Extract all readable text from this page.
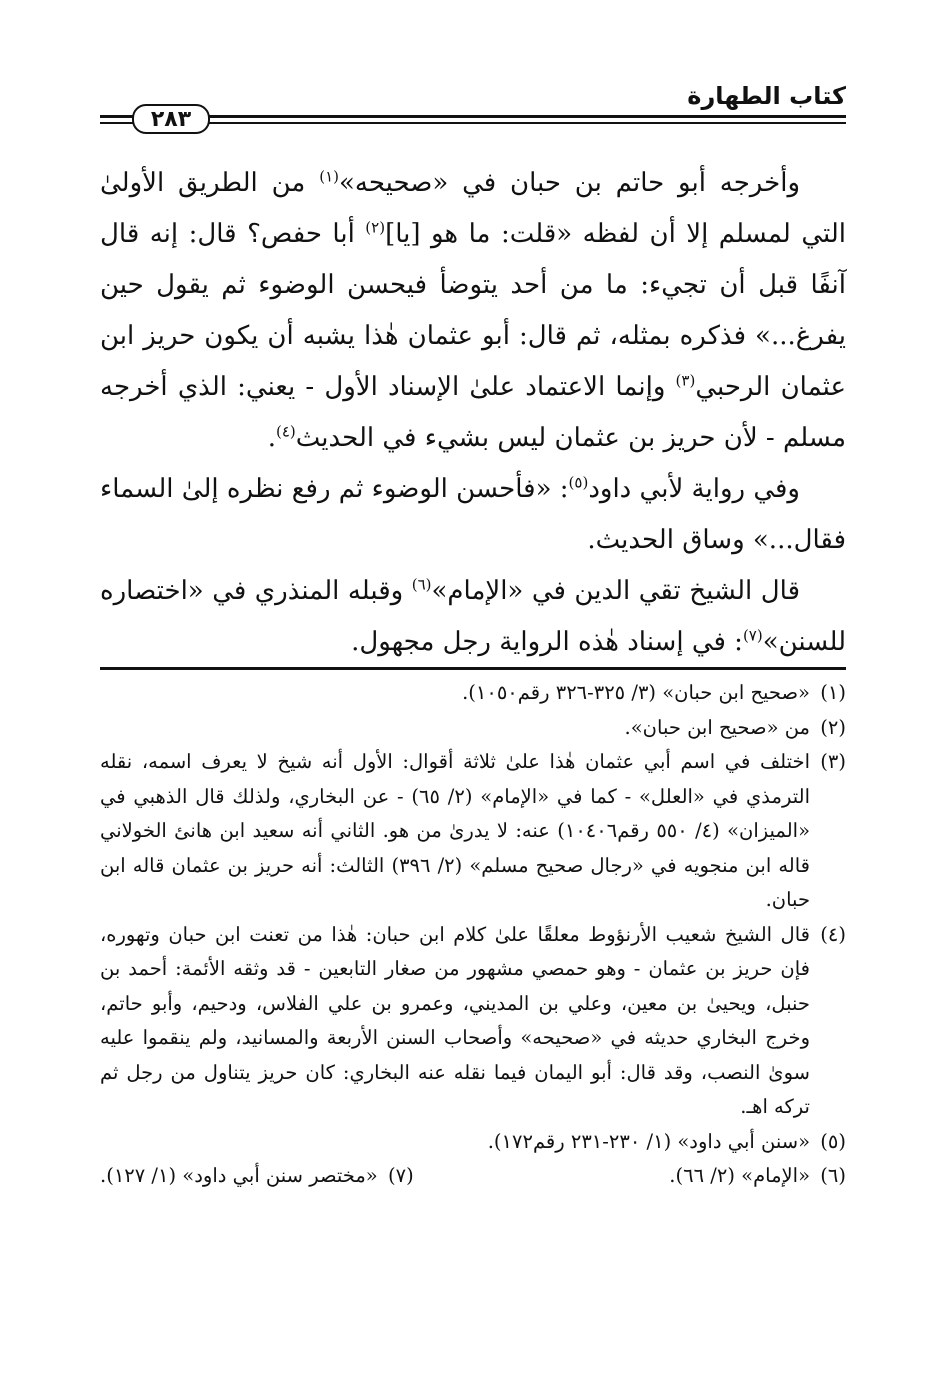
كتاب الطهارة
٢٨٣

وأخرجه أبو حاتم بن حبان في «صحيحه»$^{(١)}$ من الطريق الأولىٰ التي لمسلم إلا أن لفظه «قلت: ما هو [يا]$^{(٢)}$ أبا حفص؟ قال: إنه قال آنفًا قبل أن تجيء: ما من أحد يتوضأ فيحسن الوضوء ثم يقول حين يفرغ...» فذكره بمثله، ثم قال: أبو عثمان هٰذا يشبه أن يكون حريز ابن عثمان الرحبي$^{(٣)}$ وإنما الاعتماد علىٰ الإسناد الأول - يعني: الذي أخرجه مسلم - لأن حريز بن عثمان ليس بشيء في الحديث$^{(٤)}$.

وفي رواية لأبي داود$^{(٥)}$: «فأحسن الوضوء ثم رفع نظره إلىٰ السماء فقال...» وساق الحديث.

قال الشيخ تقي الدين في «الإمام»$^{(٦)}$ وقبله المنذري في «اختصاره للسنن»$^{(٧)}$: في إسناد هٰذه الرواية رجل مجهول.

(١)
«صحيح ابن حبان» (٣/ ٣٢٥-٣٢٦ رقم١٠٥٠).
(٢)
من «صحيح ابن حبان».
(٣)
اختلف في اسم أبي عثمان هٰذا علىٰ ثلاثة أقوال: الأول أنه شيخ لا يعرف اسمه، نقله الترمذي في «العلل» - كما في «الإمام» (٢/ ٦٥) - عن البخاري، ولذلك قال الذهبي في «الميزان» (٤/ ٥٥٠ رقم١٠٤٠٦) عنه: لا يدرىٰ من هو. الثاني أنه سعيد ابن هانئ الخولاني قاله ابن منجويه في «رجال صحيح مسلم» (٢/ ٣٩٦) الثالث: أنه حريز بن عثمان قاله ابن حبان.
(٤)
قال الشيخ شعيب الأرنؤوط معلقًا علىٰ كلام ابن حبان: هٰذا من تعنت ابن حبان وتهوره، فإن حريز بن عثمان - وهو حمصي مشهور من صغار التابعين - قد وثقه الأئمة: أحمد بن حنبل، ويحيىٰ بن معين، وعلي بن المديني، وعمرو بن علي الفلاس، ودحيم، وأبو حاتم، وخرج البخاري حديثه في «صحيحه» وأصحاب السنن الأربعة والمسانيد، ولم ينقموا عليه سوىٰ النصب، وقد قال: أبو اليمان فيما نقله عنه البخاري: كان حريز يتناول من رجل ثم تركه اهـ.
(٥)
«سنن أبي داود» (١/ ٢٣٠-٢٣١ رقم١٧٢).
(٦)
«الإمام» (٢/ ٦٦).
(٧)
«مختصر سنن أبي داود» (١/ ١٢٧).
